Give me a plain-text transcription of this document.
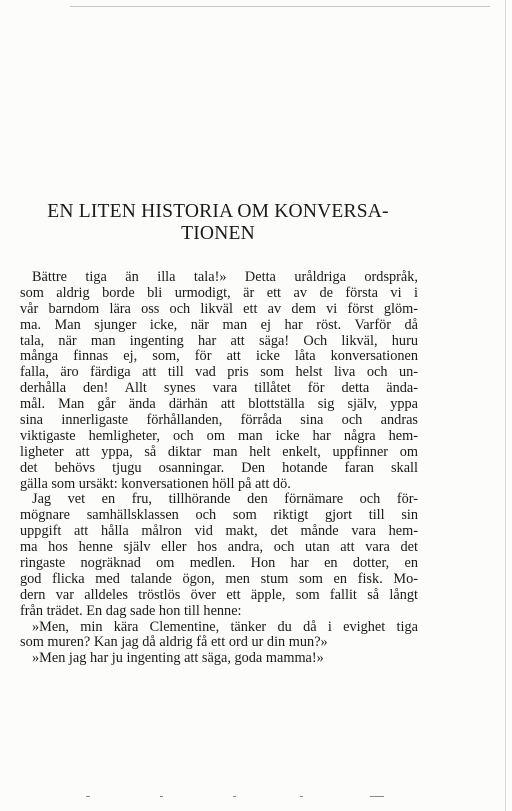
EN LITEN HISTORIA OM KONVERSA-
TIONEN
Bättre tiga än illa tala!» Detta uråldriga ordspråk,
som aldrig borde bli urmodigt, är ett av de första vi i
vår barndom lära oss och likväl ett av dem vi först glöm-
ma. Man sjunger icke, när man ej har röst. Varför då
tala, när man ingenting har att säga! Och likväl, huru
många finnas ej, som, för att icke låta konversationen
falla, äro färdiga att till vad pris som helst liva och un-
derhålla den! Allt synes vara tillåtet för detta ända-
mål. Man går ända därhän att blottställa sig själv, yppa
sina innerligaste förhållanden, förråda sina och andras
viktigaste hemligheter, och om man icke har några hem-
ligheter att yppa, så diktar man helt enkelt, uppfinner om
det behövs tjugu osanningar. Den hotande faran skall
gälla som ursäkt: konversationen höll på att dö.
Jag vet en fru, tillhörande den förnämare och för-
mögnare samhällsklassen och som riktigt gjort till sin
uppgift att hålla målron vid makt, det månde vara hem-
ma hos henne själv eller hos andra, och utan att vara det
ringaste nogräknad om medlen. Hon har en dotter, en
god flicka med talande ögon, men stum som en fisk. Mo-
dern var alldeles tröstlös över ett äpple, som fallit så långt
från trädet. En dag sade hon till henne:
»Men, min kära Clementine, tänker du då i evighet tiga
som muren? Kan jag då aldrig få ett ord ur din mun?»
»Men jag har ju ingenting att säga, goda mamma!»
